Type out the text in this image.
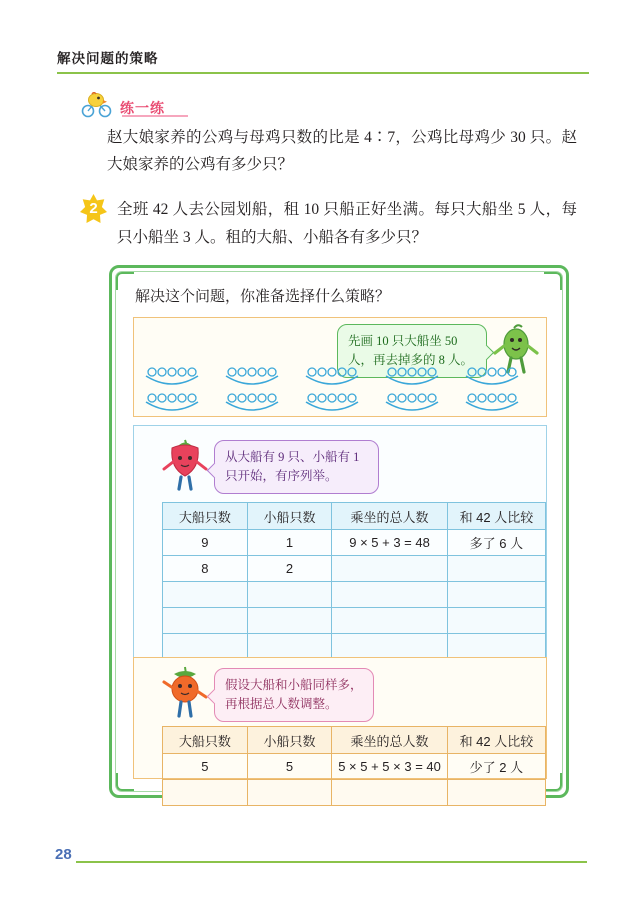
解决问题的策略
练一练
赵大娘家养的公鸡与母鸡只数的比是 4∶7，公鸡比母鸡少 30 只。赵大娘家养的公鸡有多少只？
2	全班 42 人去公园划船，租 10 只船正好坐满。每只大船坐 5 人，每只小船坐 3 人。租的大船、小船各有多少只？
解决这个问题，你准备选择什么策略？
先画 10 只大船坐 50 人，再去掉多的 8 人。
从大船有 9 只、小船有 1 只开始，有序列举。
大船只数	小船只数	乘坐的总人数	和 42 人比较
9	1	9 × 5 + 3 = 48	多了 6 人
8	2		

假设大船和小船同样多，再根据总人数调整。
大船只数	小船只数	乘坐的总人数	和 42 人比较
5	5	5 × 5 + 5 × 3 = 40	少了 2 人

28
